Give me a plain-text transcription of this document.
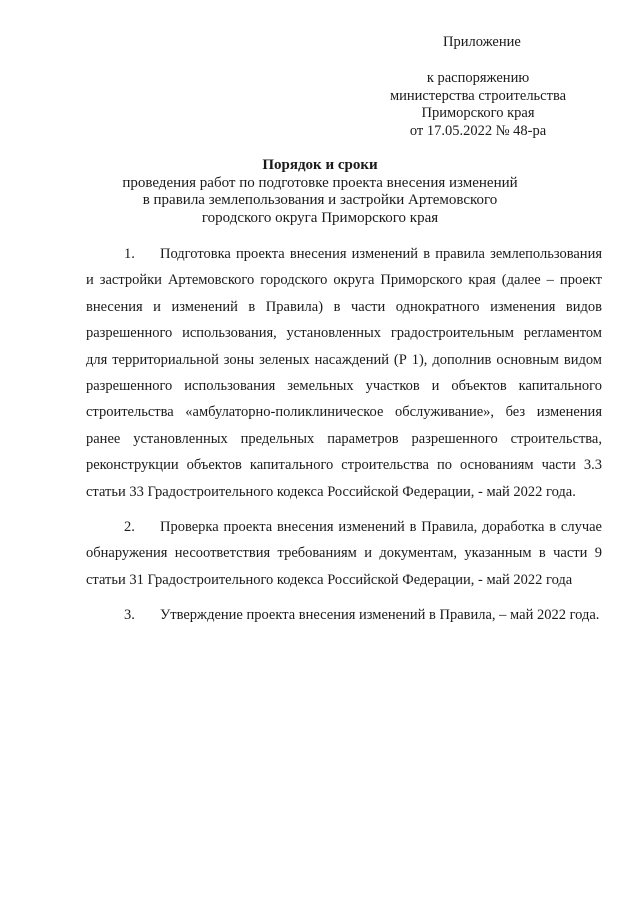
Приложение
к распоряжению
министерства строительства
Приморского края
от 17.05.2022 № 48-ра
Порядок и сроки
проведения работ по подготовке проекта внесения изменений
в правила землепользования и застройки Артемовского
городского округа Приморского края

1. Подготовка проекта внесения изменений в правила землепользования и застройки Артемовского городского округа Приморского края (далее – проект внесения и изменений в Правила) в части однократного изменения видов разрешенного использования, установленных градостроительным регламентом для территориальной зоны зеленых насаждений (Р 1), дополнив основным видом разрешенного использования земельных участков и объектов капитального строительства «амбулаторно-поликлиническое обслуживание», без изменения ранее установленных предельных параметров разрешенного строительства, реконструкции объектов капитального строительства по основаниям части 3.3 статьи 33 Градостроительного кодекса Российской Федерации, - май 2022 года.

2. Проверка проекта внесения изменений в Правила, доработка в случае обнаружения несоответствия требованиям и документам, указанным в части 9 статьи 31 Градостроительного кодекса Российской Федерации, - май 2022 года

3. Утверждение проекта внесения изменений в Правила, – май 2022 года.
